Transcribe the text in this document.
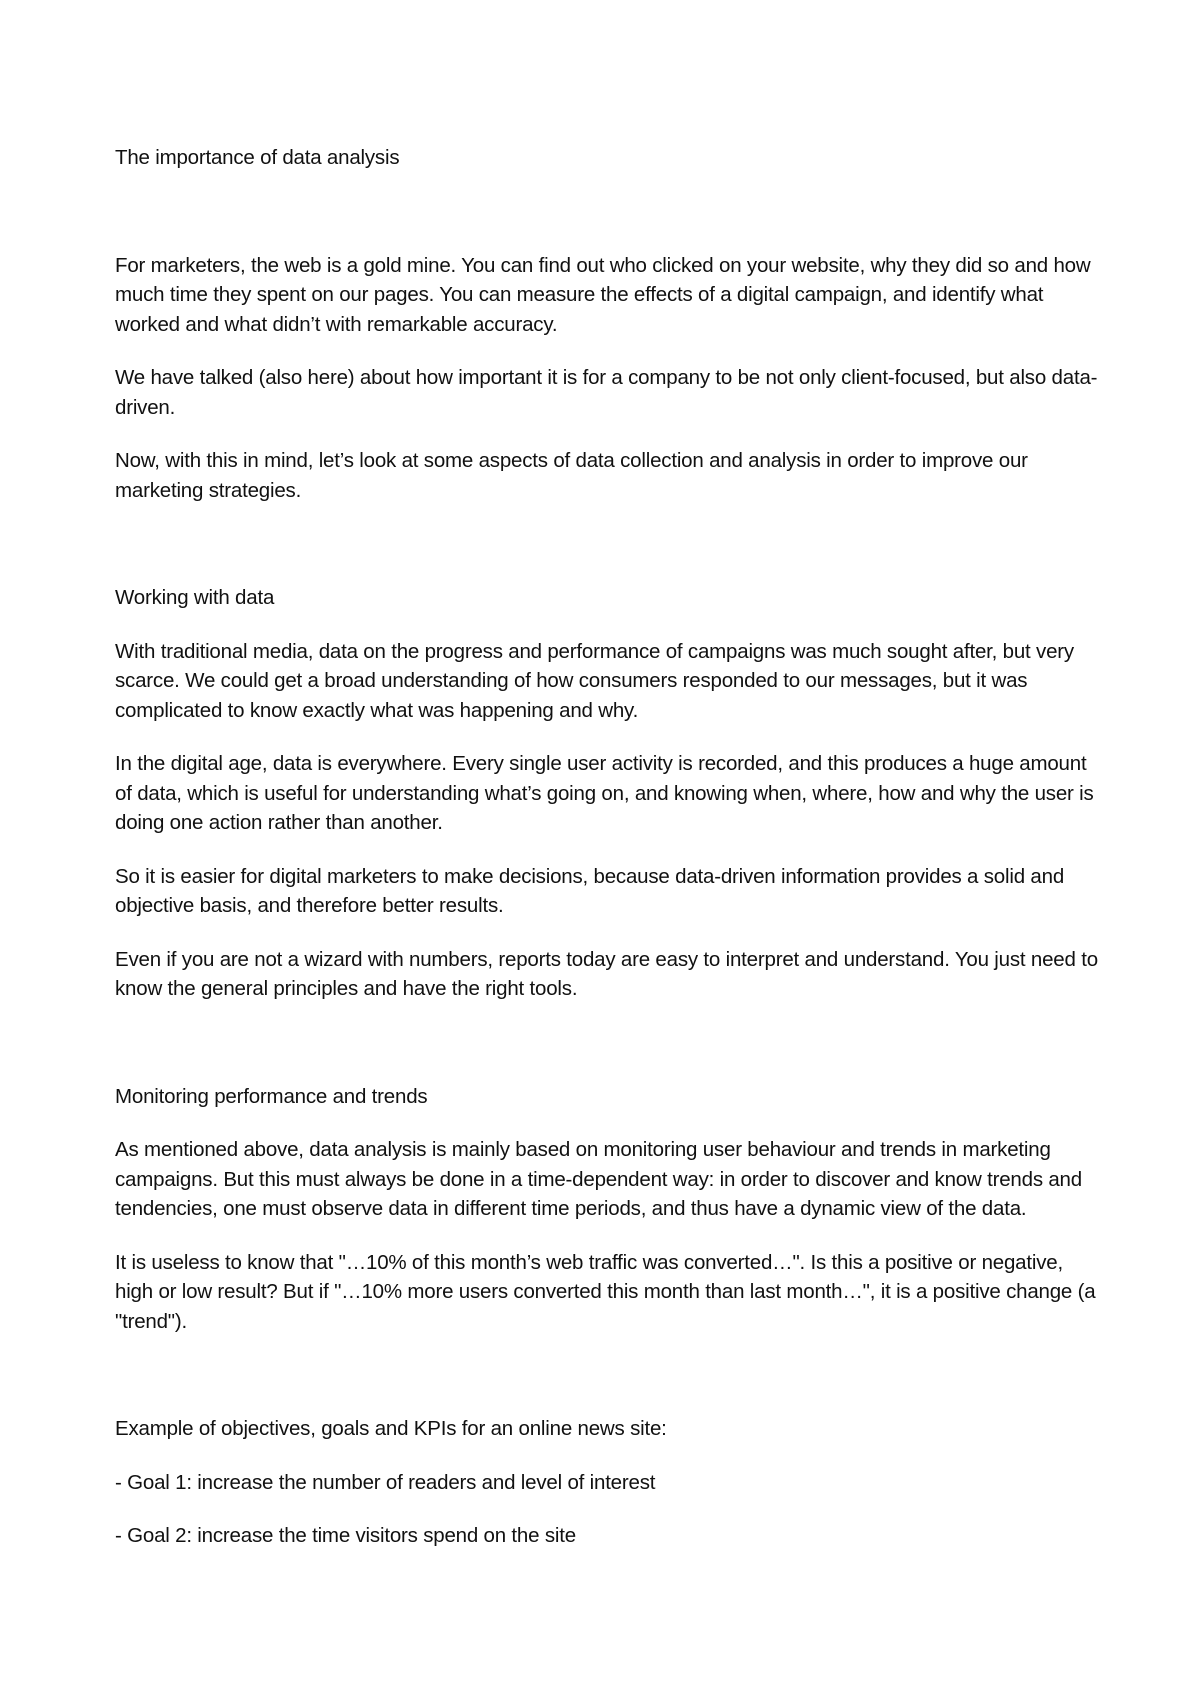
The importance of data analysis

For marketers, the web is a gold mine. You can find out who clicked on your website, why they did so and how much time they spent on our pages. You can measure the effects of a digital campaign, and identify what worked and what didn’t with remarkable accuracy.

We have talked (also here) about how important it is for a company to be not only client-focused, but also data-driven.

Now, with this in mind, let’s look at some aspects of data collection and analysis in order to improve our marketing strategies.

Working with data

With traditional media, data on the progress and performance of campaigns was much sought after, but very scarce. We could get a broad understanding of how consumers responded to our messages, but it was complicated to know exactly what was happening and why.

In the digital age, data is everywhere. Every single user activity is recorded, and this produces a huge amount of data, which is useful for understanding what’s going on, and knowing when, where, how and why the user is doing one action rather than another.

So it is easier for digital marketers to make decisions, because data-driven information provides a solid and objective basis, and therefore better results.

Even if you are not a wizard with numbers, reports today are easy to interpret and understand. You just need to know the general principles and have the right tools.

Monitoring performance and trends

As mentioned above, data analysis is mainly based on monitoring user behaviour and trends in marketing campaigns. But this must always be done in a time-dependent way: in order to discover and know trends and tendencies, one must observe data in different time periods, and thus have a dynamic view of the data.

It is useless to know that "…10% of this month’s web traffic was converted…". Is this a positive or negative, high or low result? But if "…10% more users converted this month than last month…", it is a positive change (a "trend").

Example of objectives, goals and KPIs for an online news site:

- Goal 1: increase the number of readers and level of interest

- Goal 2: increase the time visitors spend on the site
